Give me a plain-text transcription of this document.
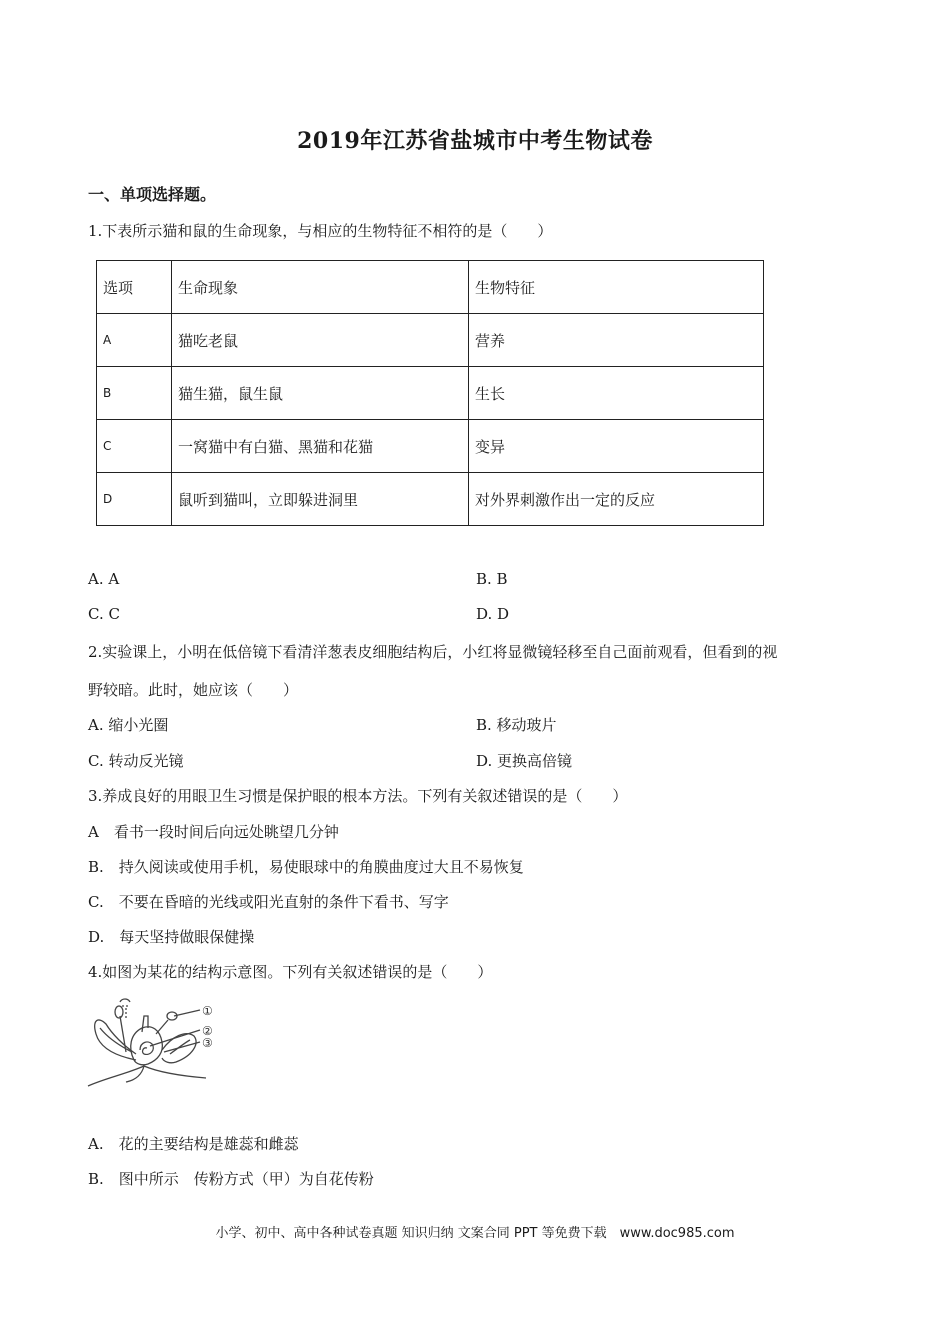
2019年江苏省盐城市中考生物试卷
一、单项选择题。
1.下表所示猫和鼠的生命现象，与相应的生物特征不相符的是（　　）
选项	生命现象	生物特征
A	猫吃老鼠	营养
B	猫生猫，鼠生鼠	生长
C	一窝猫中有白猫、黑猫和花猫	变异
D	鼠听到猫叫，立即躲进洞里	对外界刺激作出一定的反应
A. A	B. B
C. C	D. D
2.实验课上，小明在低倍镜下看清洋葱表皮细胞结构后，小红将显微镜轻移至自己面前观看，但看到的视
野较暗。此时，她应该（　　）
A. 缩小光圈	B. 移动玻片
C. 转动反光镜	D. 更换高倍镜
3.养成良好的用眼卫生习惯是保护眼的根本方法。下列有关叙述错误的是（　　）
A　看书一段时间后向远处眺望几分钟
B.　持久阅读或使用手机，易使眼球中的角膜曲度过大且不易恢复
C.　不要在昏暗的光线或阳光直射的条件下看书、写字
D.　每天坚持做眼保健操
4.如图为某花的结构示意图。下列有关叙述错误的是（　　）
①
②
③
A.　花的主要结构是雄蕊和雌蕊
B.　图中所示　传粉方式（甲）为自花传粉
小学、初中、高中各种试卷真题 知识归纳 文案合同 PPT 等免费下载　www.doc985.com
